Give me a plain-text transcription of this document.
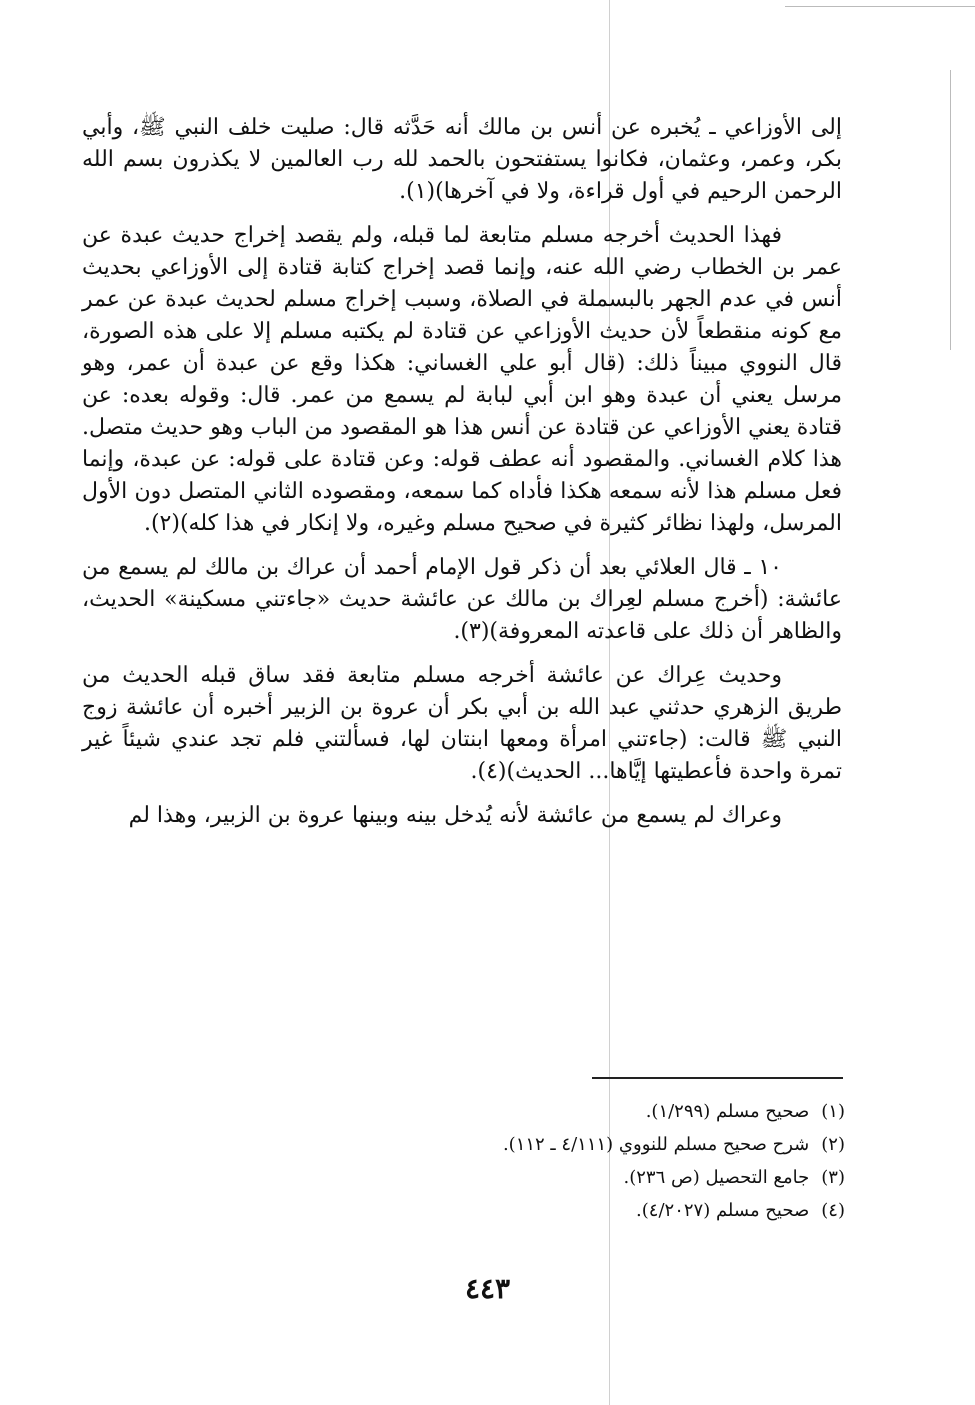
إلى الأوزاعي ـ يُخبره عن أنس بن مالك أنه حَدَّثه قال: صليت خلف النبي ﷺ، وأبي بكر، وعمر، وعثمان، فكانوا يستفتحون بالحمد لله رب العالمين لا يكذرون بسم الله الرحمن الرحيم في أول قراءة، ولا في آخرها)(١).

فهذا الحديث أخرجه مسلم متابعة لما قبله، ولم يقصد إخراج حديث عبدة عن عمر بن الخطاب رضي الله عنه، وإنما قصد إخراج كتابة قتادة إلى الأوزاعي بحديث أنس في عدم الجهر بالبسملة في الصلاة، وسبب إخراج مسلم لحديث عبدة عن عمر مع كونه منقطعاً لأن حديث الأوزاعي عن قتادة لم يكتبه مسلم إلا على هذه الصورة، قال النووي مبيناً ذلك: (قال أبو علي الغساني: هكذا وقع عن عبدة أن عمر، وهو مرسل يعني أن عبدة وهو ابن أبي لبابة لم يسمع من عمر. قال: وقوله بعده: عن قتادة يعني الأوزاعي عن قتادة عن أنس هذا هو المقصود من الباب وهو حديث متصل. هذا كلام الغساني. والمقصود أنه عطف قوله: وعن قتادة على قوله: عن عبدة، وإنما فعل مسلم هذا لأنه سمعه هكذا فأداه كما سمعه، ومقصوده الثاني المتصل دون الأول المرسل، ولهذا نظائر كثيرة في صحيح مسلم وغيره، ولا إنكار في هذا كله)(٢).

١٠ ـ قال العلائي بعد أن ذكر قول الإمام أحمد أن عراك بن مالك لم يسمع من عائشة: (أخرج مسلم لعِراك بن مالك عن عائشة حديث «جاءتني مسكينة» الحديث، والظاهر أن ذلك على قاعدته المعروفة)(٣).

وحديث عِراك عن عائشة أخرجه مسلم متابعة فقد ساق قبله الحديث من طريق الزهري حدثني عبد الله بن أبي بكر أن عروة بن الزبير أخبره أن عائشة زوج النبي ﷺ قالت: (جاءتني امرأة ومعها ابنتان لها، فسألتني فلم تجد عندي شيئاً غير تمرة واحدة فأعطيتها إيَّاها... الحديث)(٤).

وعراك لم يسمع من عائشة لأنه يُدخل بينه وبينها عروة بن الزبير، وهذا لم

(١)
صحيح مسلم (١/٢٩٩).
(٢)
شرح صحيح مسلم للنووي (٤/١١١ ـ ١١٢).
(٣)
جامع التحصيل (ص ٢٣٦).
(٤)
صحيح مسلم (٤/٢٠٢٧).
٤٤٣
